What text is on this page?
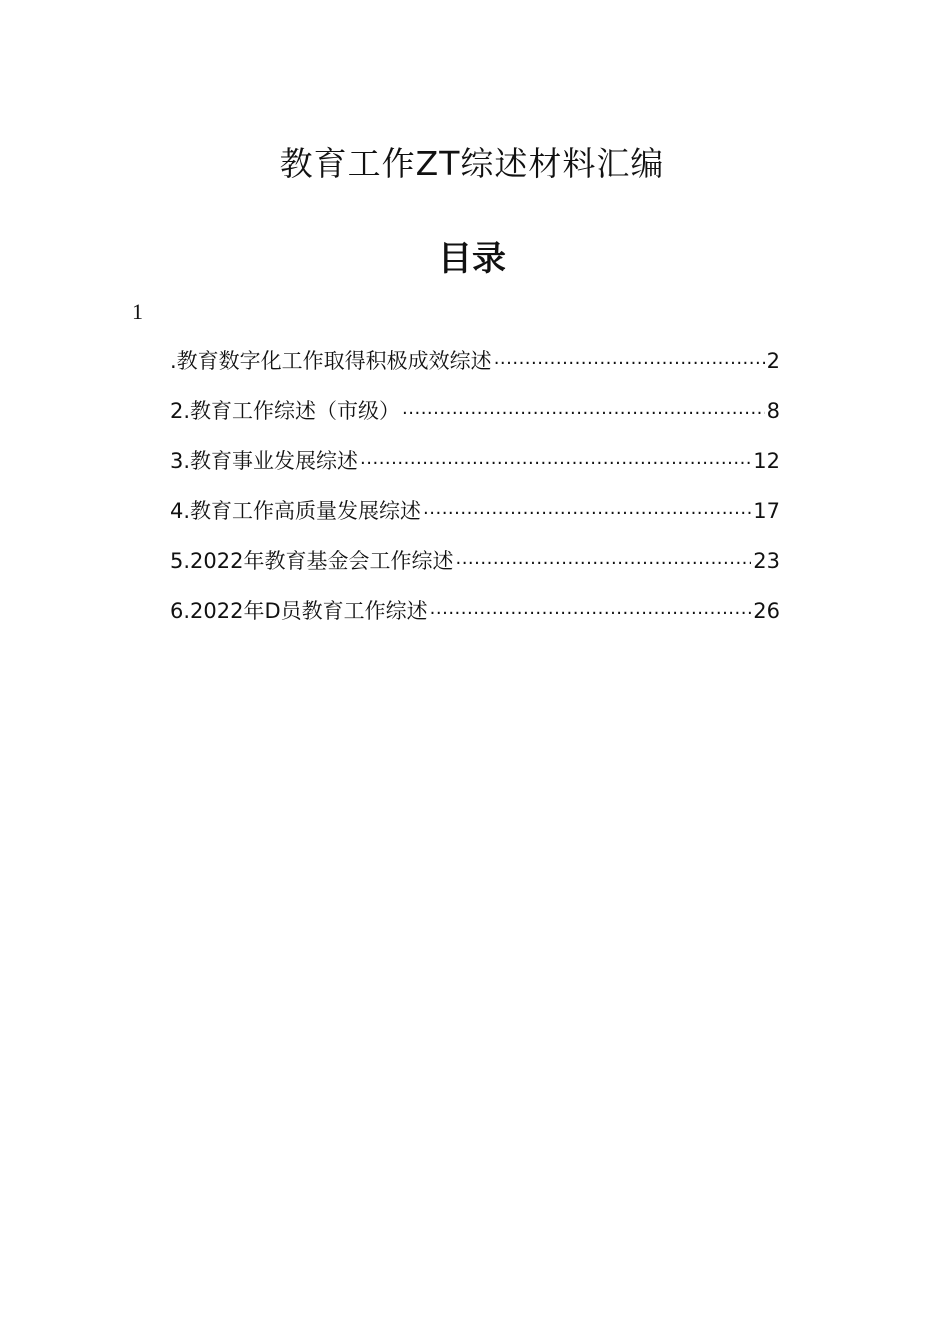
教育工作ZT综述材料汇编
目录
1
.教育数字化工作取得积极成效综述 .....	2
2.教育工作综述（市级） .....	8
3.教育事业发展综述 .....	12
4.教育工作高质量发展综述 .....	17
5.2022年教育基金会工作综述 .....	23
6.2022年D员教育工作综述 .....	26
